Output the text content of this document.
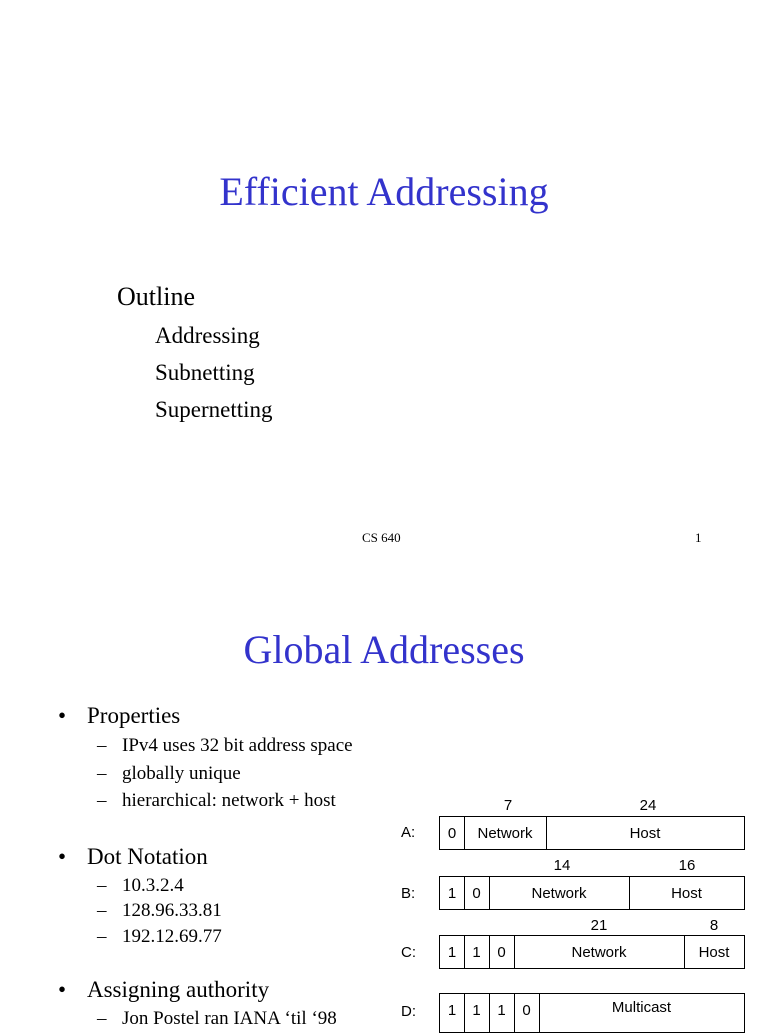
Efficient Addressing
Outline
Addressing
Subnetting
Supernetting
CS 640	1
Global Addresses
• Properties
– IPv4 uses 32 bit address space
– globally unique
– hierarchical: network + host
• Dot Notation
– 10.3.2.4
– 128.96.33.81
– 192.12.69.77
• Assigning authority
– Jon Postel ran IANA ‘til ‘98
7	24
A:	0	Network	Host
14	16
B:	1	0	Network	Host
21	8
C:	1	1	0	Network	Host
D:	1	1	1	0	Multicast
